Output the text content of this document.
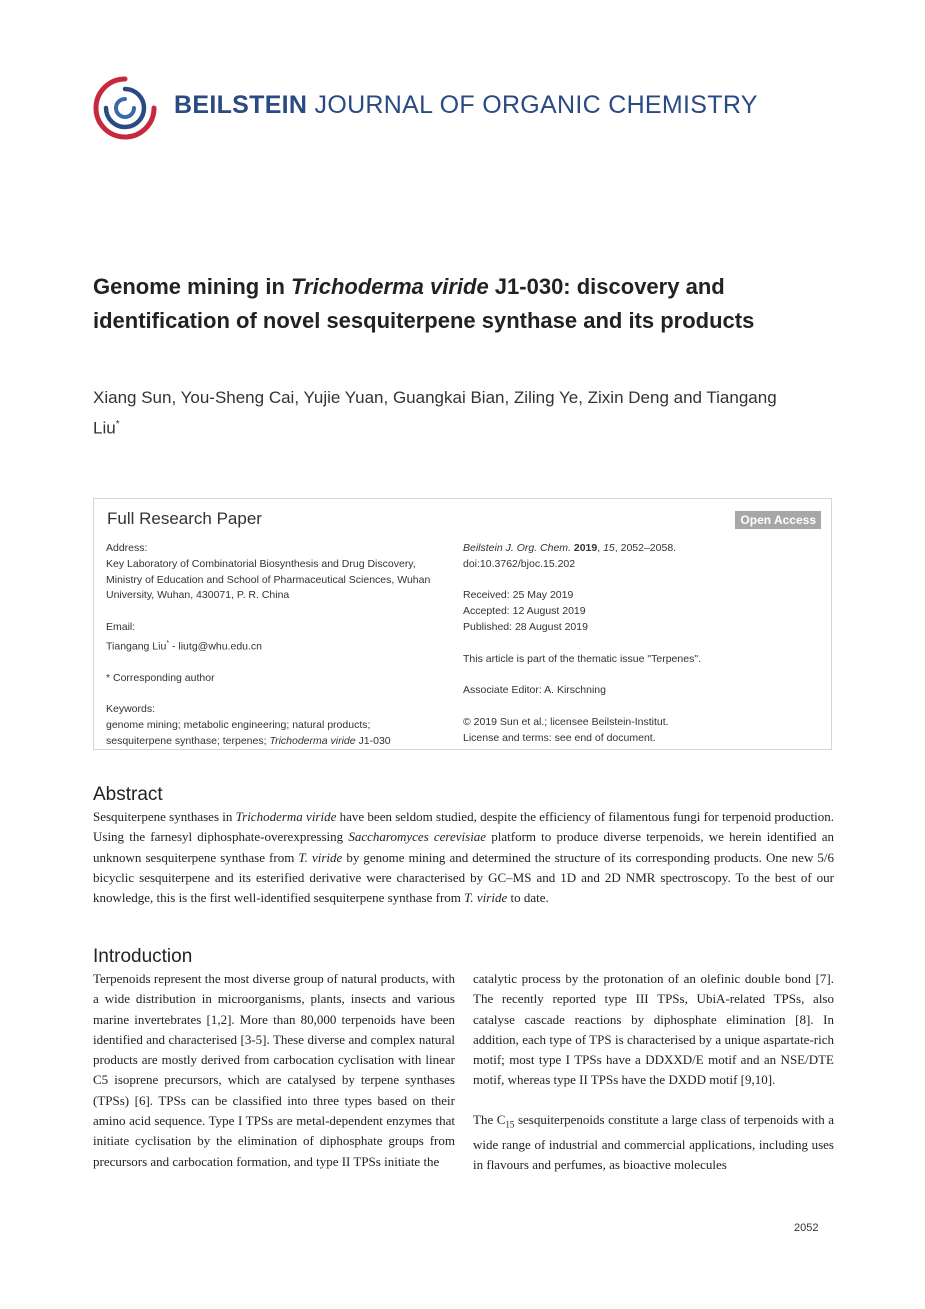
BEILSTEIN JOURNAL OF ORGANIC CHEMISTRY
Genome mining in Trichoderma viride J1-030: discovery and identification of novel sesquiterpene synthase and its products
Xiang Sun, You-Sheng Cai, Yujie Yuan, Guangkai Bian, Ziling Ye, Zixin Deng and Tiangang Liu*
Full Research Paper	Open Access
Address:
Key Laboratory of Combinatorial Biosynthesis and Drug Discovery,
Ministry of Education and School of Pharmaceutical Sciences, Wuhan
University, Wuhan, 430071, P. R. China
Email:
Tiangang Liu* - liutg@whu.edu.cn
* Corresponding author
Keywords:
genome mining; metabolic engineering; natural products;
sesquiterpene synthase; terpenes; Trichoderma viride J1-030
Beilstein J. Org. Chem. 2019, 15, 2052–2058.
doi:10.3762/bjoc.15.202
Received: 25 May 2019
Accepted: 12 August 2019
Published: 28 August 2019
This article is part of the thematic issue "Terpenes".
Associate Editor: A. Kirschning
© 2019 Sun et al.; licensee Beilstein-Institut.
License and terms: see end of document.
Abstract
Sesquiterpene synthases in Trichoderma viride have been seldom studied, despite the efficiency of filamentous fungi for terpenoid production. Using the farnesyl diphosphate-overexpressing Saccharomyces cerevisiae platform to produce diverse terpenoids, we herein identified an unknown sesquiterpene synthase from T. viride by genome mining and determined the structure of its corresponding products. One new 5/6 bicyclic sesquiterpene and its esterified derivative were characterised by GC–MS and 1D and 2D NMR spectroscopy. To the best of our knowledge, this is the first well-identified sesquiterpene synthase from T. viride to date.
Introduction

Terpenoids represent the most diverse group of natural products, with a wide distribution in microorganisms, plants, insects and various marine invertebrates [1,2]. More than 80,000 terpenoids have been identified and characterised [3-5]. These diverse and complex natural products are mostly derived from carbocation cyclisation with linear C5 isoprene precursors, which are catalysed by terpene synthases (TPSs) [6]. TPSs can be classified into three types based on their amino acid sequence. Type I TPSs are metal-dependent enzymes that initiate cyclisation by the elimination of diphosphate groups from precursors and carbocation formation, and type II TPSs initiate the

catalytic process by the protonation of an olefinic double bond [7]. The recently reported type III TPSs, UbiA-related TPSs, also catalyse cascade reactions by diphosphate elimination [8]. In addition, each type of TPS is characterised by a unique aspartate-rich motif; most type I TPSs have a DDXXD/E motif and an NSE/DTE motif, whereas type II TPSs have the DXDD motif [9,10].

The $C_{15}$ sesquiterpenoids constitute a large class of terpenoids with a wide range of industrial and commercial applications, including uses in flavours and perfumes, as bioactive molecules

2052
